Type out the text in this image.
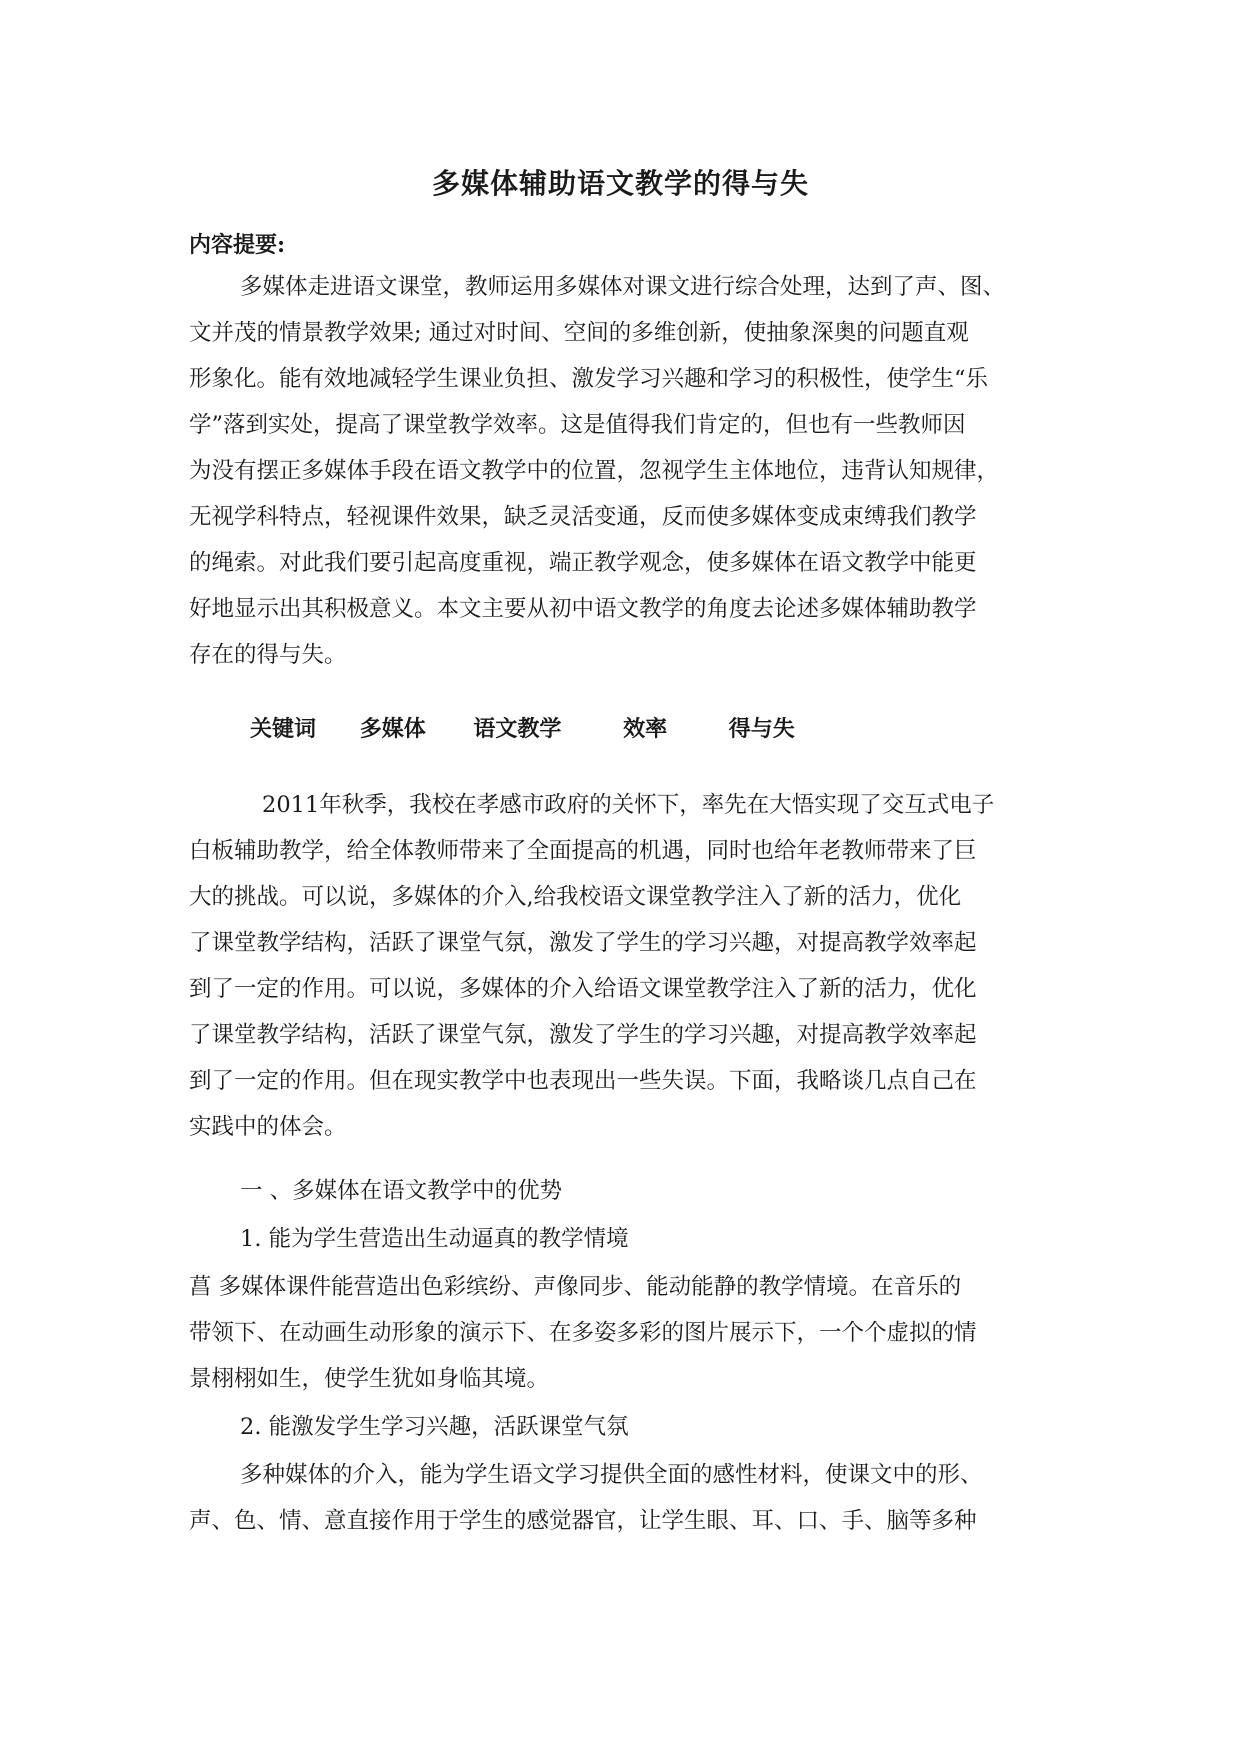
多媒体辅助语文教学的得与失
内容提要:
多媒体走进语文课堂，教师运用多媒体对课文进行综合处理，达到了声、图、
文并茂的情景教学效果; 通过对时间、空间的多维创新，使抽象深奥的问题直观
形象化。能有效地减轻学生课业负担、激发学习兴趣和学习的积极性，使学生“乐
学”落到实处，提高了课堂教学效率。这是值得我们肯定的，但也有一些教师因
为没有摆正多媒体手段在语文教学中的位置，忽视学生主体地位，违背认知规律，
无视学科特点，轻视课件效果，缺乏灵活变通，反而使多媒体变成束缚我们教学
的绳索。对此我们要引起高度重视，端正教学观念，使多媒体在语文教学中能更
好地显示出其积极意义。本文主要从初中语文教学的角度去论述多媒体辅助教学
存在的得与失。
关键词 多媒体 语文教学	效率	得与失
2011年秋季，我校在孝感市政府的关怀下，率先在大悟实现了交互式电子
白板辅助教学，给全体教师带来了全面提高的机遇，同时也给年老教师带来了巨
大的挑战。可以说，多媒体的介入,给我校语文课堂教学注入了新的活力，优化
了课堂教学结构，活跃了课堂气氛，激发了学生的学习兴趣，对提高教学效率起
到了一定的作用。可以说，多媒体的介入给语文课堂教学注入了新的活力，优化
了课堂教学结构，活跃了课堂气氛，激发了学生的学习兴趣，对提高教学效率起
到了一定的作用。但在现实教学中也表现出一些失误。下面，我略谈几点自己在
实践中的体会。
一 、多媒体在语文教学中的优势
1. 能为学生营造出生动逼真的教学情境
菖 多媒体课件能营造出色彩缤纷、声像同步、能动能静的教学情境。在音乐的
带领下、在动画生动形象的演示下、在多姿多彩的图片展示下，一个个虚拟的情
景栩栩如生，使学生犹如身临其境。
2. 能激发学生学习兴趣，活跃课堂气氛
多种媒体的介入，能为学生语文学习提供全面的感性材料，使课文中的形、
声、色、情、意直接作用于学生的感觉器官，让学生眼、耳、口、手、脑等多种
